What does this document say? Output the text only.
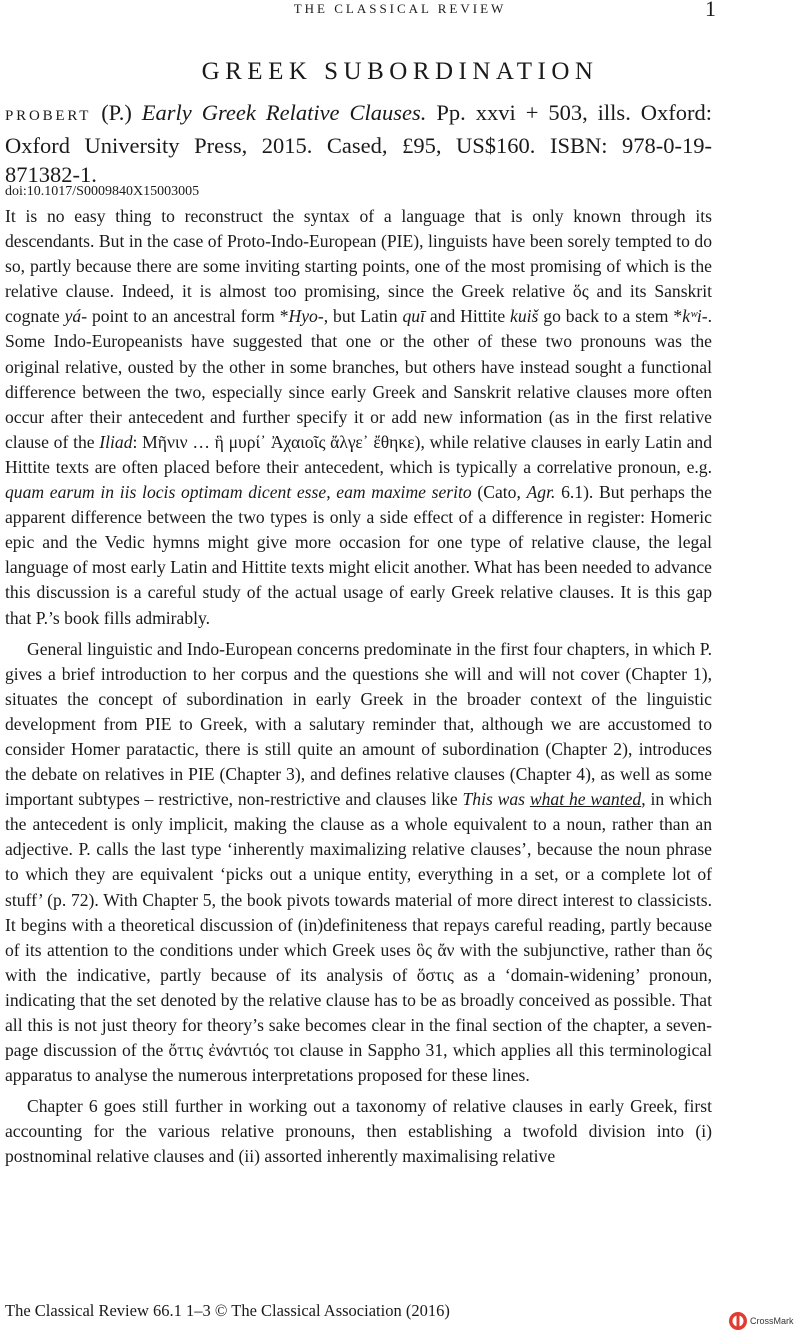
THE CLASSICAL REVIEW	1
GREEK SUBORDINATION
PROBERT (P.) Early Greek Relative Clauses. Pp. xxvi + 503, ills. Oxford: Oxford University Press, 2015. Cased, £95, US$160. ISBN: 978-0-19-871382-1.
doi:10.1017/S0009840X15003005

It is no easy thing to reconstruct the syntax of a language that is only known through its descendants. But in the case of Proto-Indo-European (PIE), linguists have been sorely tempted to do so, partly because there are some inviting starting points, one of the most promising of which is the relative clause. Indeed, it is almost too promising, since the Greek relative ὅς and its Sanskrit cognate yá- point to an ancestral form *Hyo-, but Latin quī and Hittite kuiš go back to a stem *kʷi-. Some Indo-Europeanists have suggested that one or the other of these two pronouns was the original relative, ousted by the other in some branches, but others have instead sought a functional difference between the two, especially since early Greek and Sanskrit relative clauses more often occur after their antecedent and further specify it or add new information (as in the first relative clause of the Iliad: Μῆνιν … ἣ μυρί᾽ Ἀχαιοῖς ἄλγε᾽ ἔθηκε), while relative clauses in early Latin and Hittite texts are often placed before their antecedent, which is typically a correlative pronoun, e.g. quam earum in iis locis optimam dicent esse, eam maxime serito (Cato, Agr. 6.1). But perhaps the apparent difference between the two types is only a side effect of a difference in register: Homeric epic and the Vedic hymns might give more occasion for one type of relative clause, the legal language of most early Latin and Hittite texts might elicit another. What has been needed to advance this discussion is a careful study of the actual usage of early Greek relative clauses. It is this gap that P.’s book fills admirably.

General linguistic and Indo-European concerns predominate in the first four chapters, in which P. gives a brief introduction to her corpus and the questions she will and will not cover (Chapter 1), situates the concept of subordination in early Greek in the broader context of the linguistic development from PIE to Greek, with a salutary reminder that, although we are accustomed to consider Homer paratactic, there is still quite an amount of subordination (Chapter 2), introduces the debate on relatives in PIE (Chapter 3), and defines relative clauses (Chapter 4), as well as some important subtypes – restrictive, non-restrictive and clauses like This was what he wanted, in which the antecedent is only implicit, making the clause as a whole equivalent to a noun, rather than an adjective. P. calls the last type ‘inherently maximalizing relative clauses’, because the noun phrase to which they are equivalent ‘picks out a unique entity, everything in a set, or a complete lot of stuff’ (p. 72). With Chapter 5, the book pivots towards material of more direct interest to classicists. It begins with a theoretical discussion of (in)definiteness that repays careful reading, partly because of its attention to the conditions under which Greek uses ὃς ἄν with the subjunctive, rather than ὅς with the indicative, partly because of its analysis of ὅστις as a ‘domain-widening’ pronoun, indicating that the set denoted by the relative clause has to be as broadly conceived as possible. That all this is not just theory for theory’s sake becomes clear in the final section of the chapter, a seven-page discussion of the ὄττις ἐνάντιός τοι clause in Sappho 31, which applies all this terminological apparatus to analyse the numerous interpretations proposed for these lines.

Chapter 6 goes still further in working out a taxonomy of relative clauses in early Greek, first accounting for the various relative pronouns, then establishing a twofold division into (i) postnominal relative clauses and (ii) assorted inherently maximalising relative

The Classical Review 66.1 1–3 © The Classical Association (2016)
CrossMark
